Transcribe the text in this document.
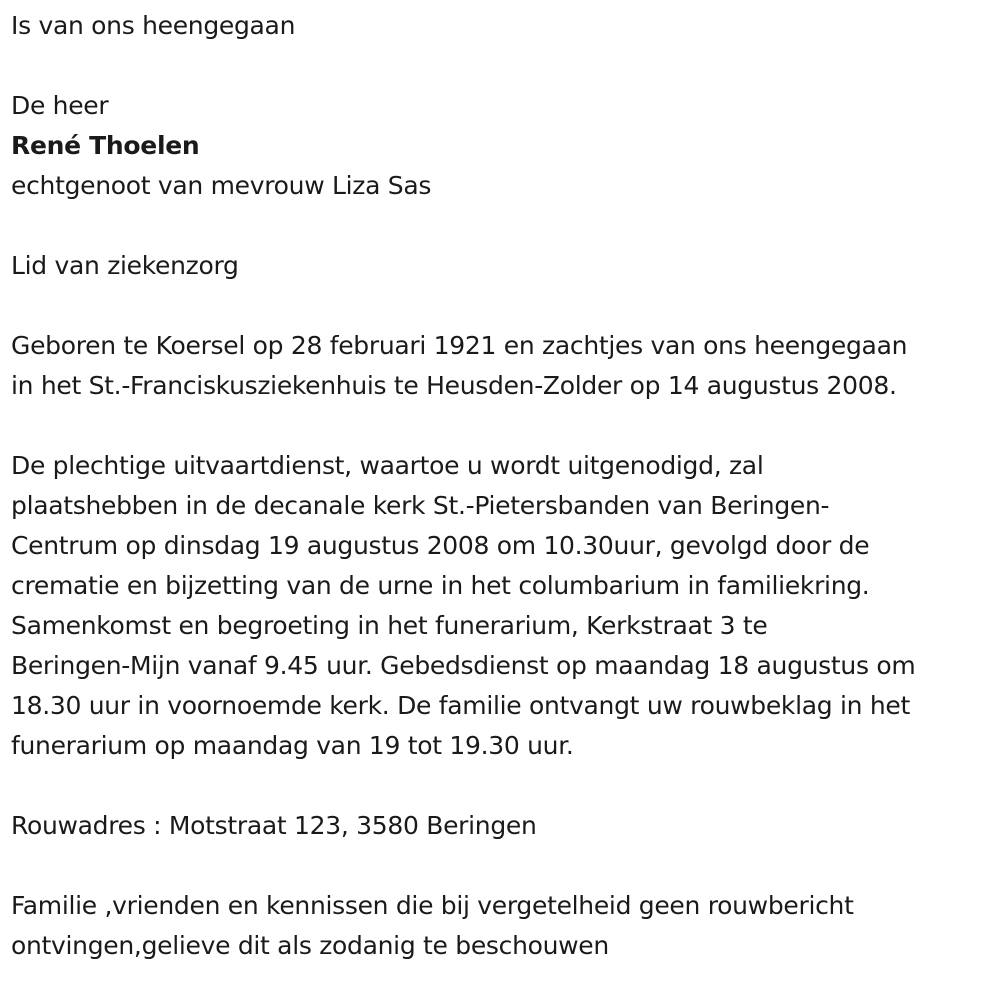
Is van ons heengegaan
De heer
René Thoelen
echtgenoot van mevrouw Liza Sas
Lid van ziekenzorg
Geboren te Koersel op 28 februari 1921 en zachtjes van ons heengegaan
in het St.-Franciskusziekenhuis te Heusden-Zolder op 14 augustus 2008.
De plechtige uitvaartdienst, waartoe u wordt uitgenodigd, zal
plaatshebben in de decanale kerk St.-Pietersbanden van Beringen-
Centrum op dinsdag 19 augustus 2008 om 10.30uur, gevolgd door de
crematie en bijzetting van de urne in het columbarium in familiekring.
Samenkomst en begroeting in het funerarium, Kerkstraat 3 te
Beringen-Mijn vanaf 9.45 uur. Gebedsdienst op maandag 18 augustus om
18.30 uur in voornoemde kerk. De familie ontvangt uw rouwbeklag in het
funerarium op maandag van 19 tot 19.30 uur.
Rouwadres : Motstraat 123, 3580 Beringen
Familie ,vrienden en kennissen die bij vergetelheid geen rouwbericht
ontvingen,gelieve dit als zodanig te beschouwen
